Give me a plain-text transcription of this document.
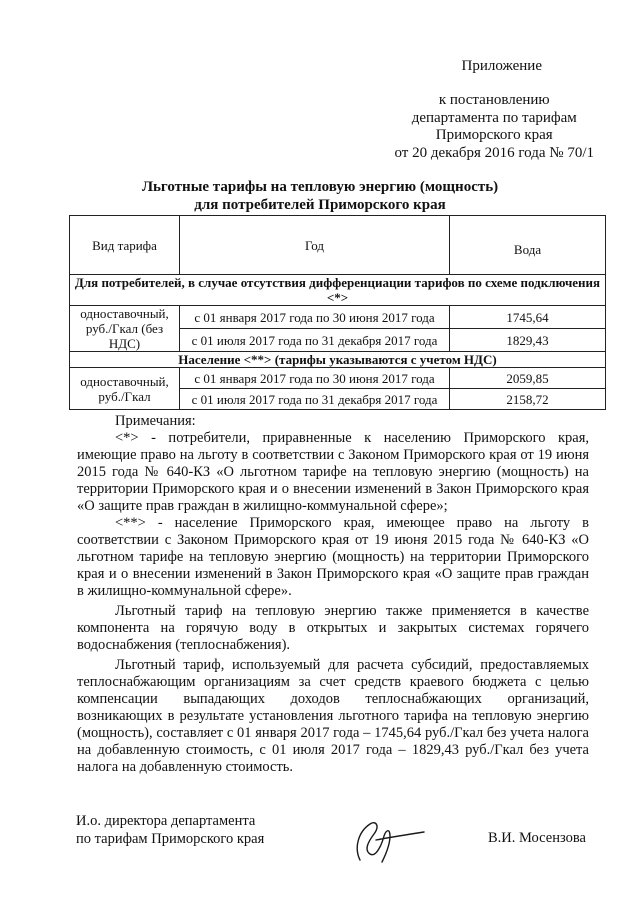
Приложение
к постановлению
департамента по тарифам
Приморского края
от 20 декабря 2016 года № 70/1
Льготные тарифы на тепловую энергию (мощность)
для потребителей Приморского края
Вид тарифа	Год	Вода
Для потребителей, в случае отсутствия дифференциации тарифов по схеме подключения <*>		
одноставочный, руб./Гкал (без НДС)	с 01 января 2017 года по 30 июня 2017 года	1745,64
	с 01 июля 2017 года по 31 декабря 2017 года	1829,43
Население <**> (тарифы указываются с учетом НДС)		
одноставочный, руб./Гкал	с 01 января 2017 года по 30 июня 2017 года	2059,85
	с 01 июля 2017 года по 31 декабря 2017 года	2158,72

Примечания:

<*> - потребители, приравненные к населению Приморского края, имеющие право на льготу в соответствии с Законом Приморского края от 19 июня 2015 года № 640-КЗ «О льготном тарифе на тепловую энергию (мощность) на территории Приморского края и о внесении изменений в Закон Приморского края «О защите прав граждан в жилищно-коммунальной сфере»;

<**> - население Приморского края, имеющее право на льготу в соответствии с Законом Приморского края от 19 июня 2015 года № 640-КЗ «О льготном тарифе на тепловую энергию (мощность) на территории Приморского края и о внесении изменений в Закон Приморского края «О защите прав граждан в жилищно-коммунальной сфере».

Льготный тариф на тепловую энергию также применяется в качестве компонента на горячую воду в открытых и закрытых системах горячего водоснабжения (теплоснабжения).

Льготный тариф, используемый для расчета субсидий, предоставляемых теплоснабжающим организациям за счет средств краевого бюджета с целью компенсации выпадающих доходов теплоснабжающих организаций, возникающих в результате установления льготного тарифа на тепловую энергию (мощность), составляет с 01 января 2017 года – 1745,64 руб./Гкал без учета налога на добавленную стоимость, с 01 июля 2017 года – 1829,43 руб./Гкал без учета налога на добавленную стоимость.

И.о. директора департамента
по тарифам Приморского края	В.И. Мосензова
